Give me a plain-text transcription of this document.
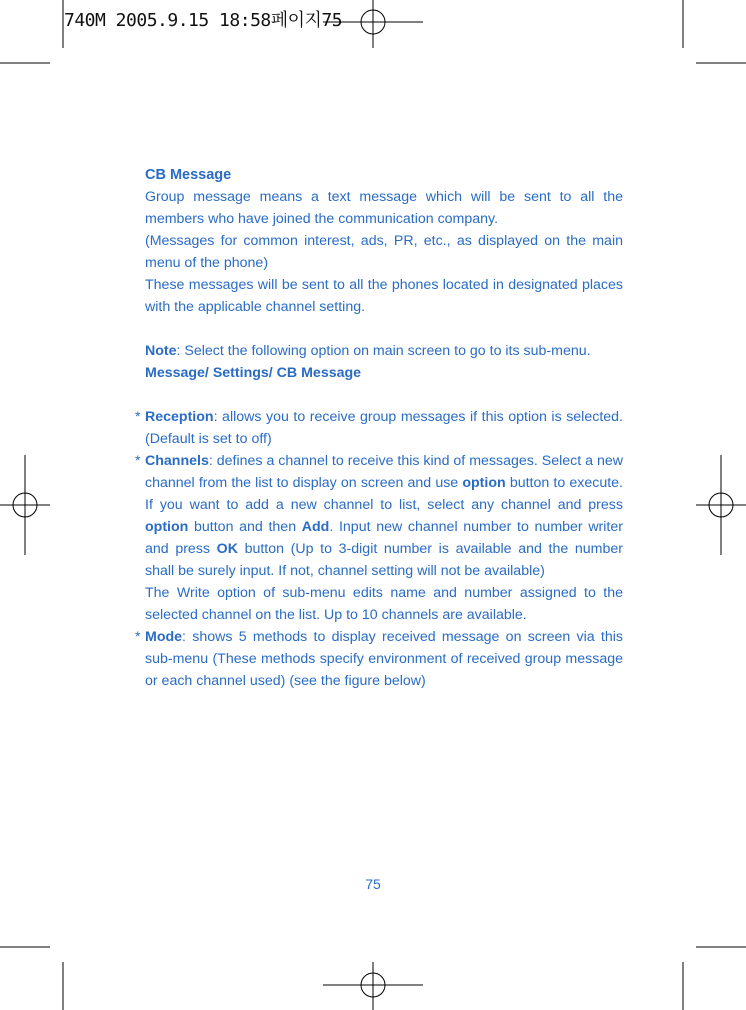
740M 2005.9.15 18:58페이지75

CB Message

Group message means a text message which will be sent to all the members who have joined the communication company.

(Messages for common interest, ads, PR, etc., as displayed on the main menu of the phone)

These messages will be sent to all the phones located in designated places with the applicable channel setting.

Note: Select the following option on main screen to go to its sub-menu.

Message/ Settings/ CB Message

* Reception: allows you to receive group messages if this option is selected.(Default is set to off)

* Channels: defines a channel to receive this kind of messages. Select a new channel from the list to display on screen and use option button to execute. If you want to add a new channel to list, select any channel and press option button and then Add. Input new channel number to number writer and press OK button (Up to 3-digit number is available and the number shall be surely input. If not, channel setting will not be available)

The Write option of sub-menu edits name and number assigned to the selected channel on the list. Up to 10 channels are available.

* Mode: shows 5 methods to display received message on screen via this sub-menu (These methods specify environment of received group message or each channel used) (see the figure below)

75
